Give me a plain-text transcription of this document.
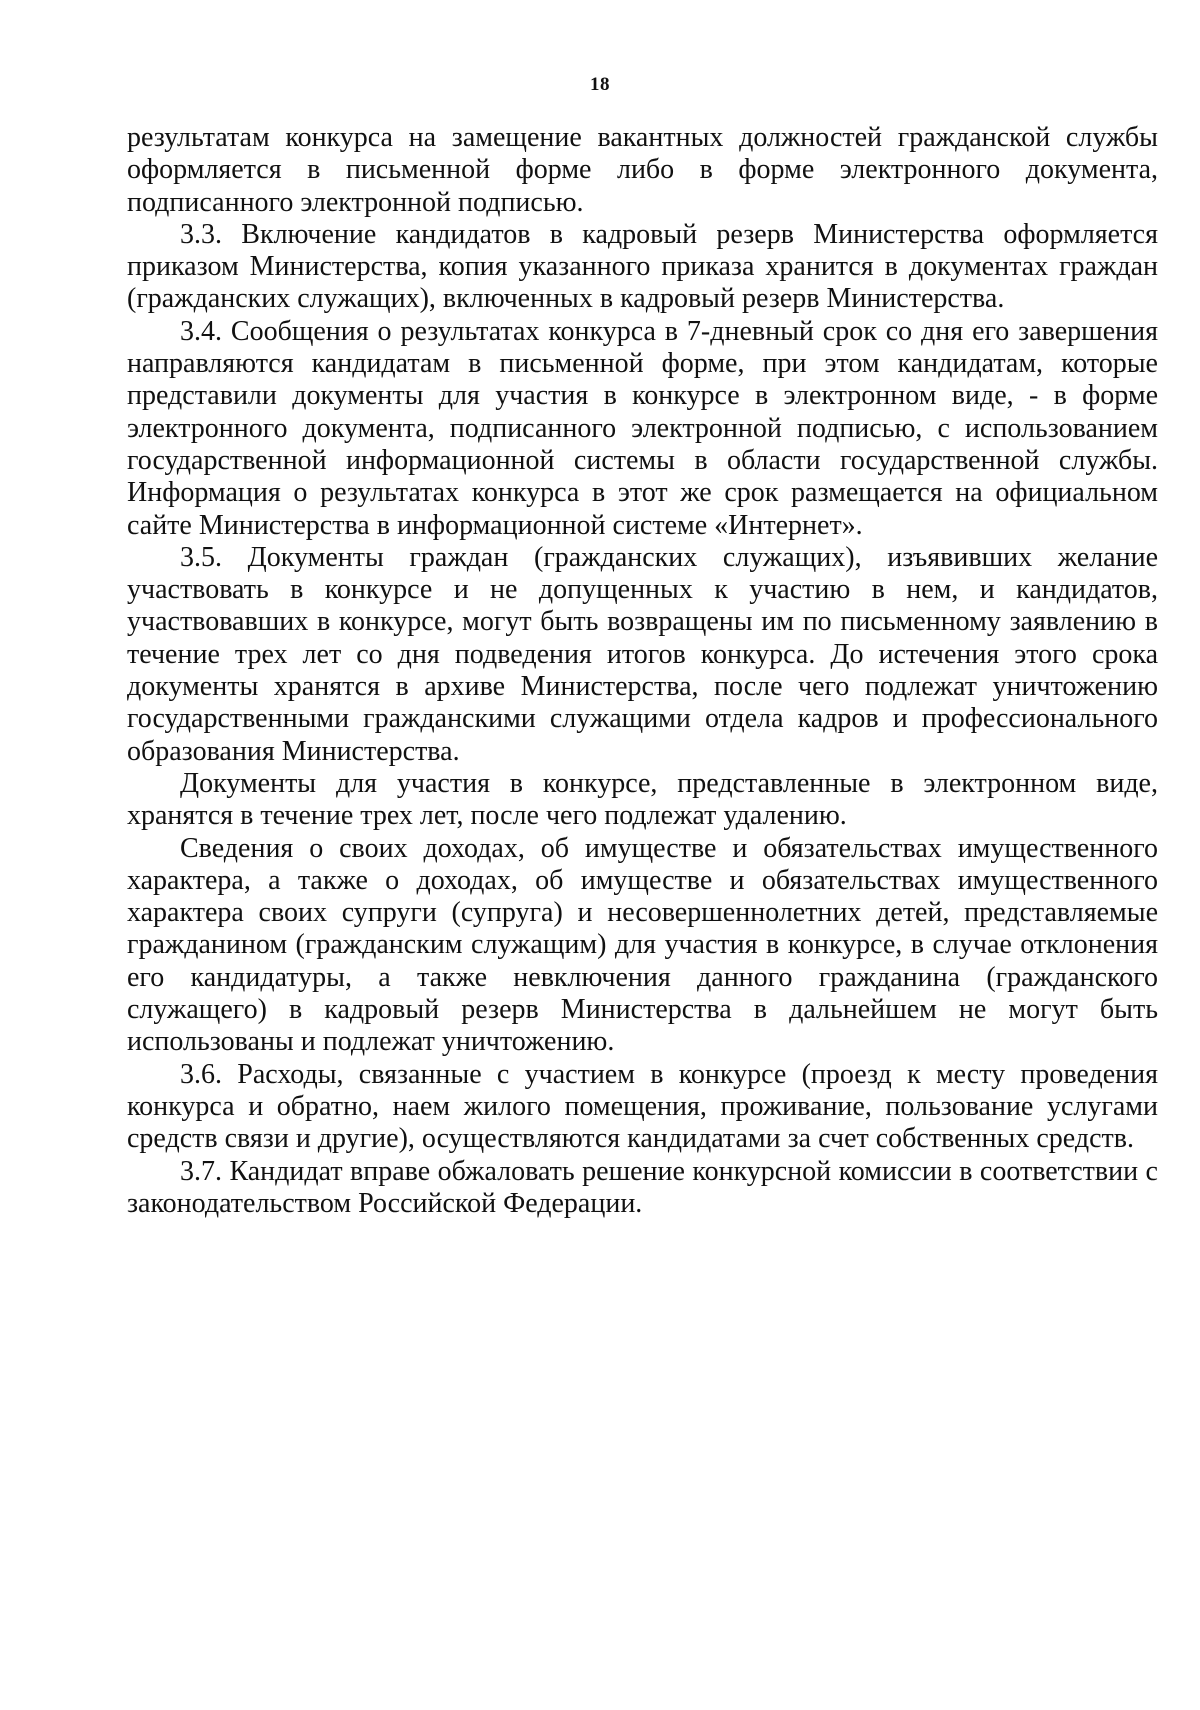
18

результатам конкурса на замещение вакантных должностей гражданской службы оформляется в письменной форме либо в форме электронного документа, подписанного электронной подписью.

3.3. Включение кандидатов в кадровый резерв Министерства оформляется приказом Министерства, копия указанного приказа хранится в документах граждан (гражданских служащих), включенных в кадровый резерв Министерства.

3.4. Сообщения о результатах конкурса в 7-дневный срок со дня его завершения направляются кандидатам в письменной форме, при этом кандидатам, которые представили документы для участия в конкурсе в электронном виде, - в форме электронного документа, подписанного электронной подписью, с использованием государственной информационной системы в области государственной службы. Информация о результатах конкурса в этот же срок размещается на официальном сайте Министерства в информационной системе «Интернет».

3.5. Документы граждан (гражданских служащих), изъявивших желание участвовать в конкурсе и не допущенных к участию в нем, и кандидатов, участвовавших в конкурсе, могут быть возвращены им по письменному заявлению в течение трех лет со дня подведения итогов конкурса. До истечения этого срока документы хранятся в архиве Министерства, после чего подлежат уничтожению государственными гражданскими служащими отдела кадров и профессионального образования Министерства.

Документы для участия в конкурсе, представленные в электронном виде, хранятся в течение трех лет, после чего подлежат удалению.

Сведения о своих доходах, об имуществе и обязательствах имущественного характера, а также о доходах, об имуществе и обязательствах имущественного характера своих супруги (супруга) и несовершеннолетних детей, представляемые гражданином (гражданским служащим) для участия в конкурсе, в случае отклонения его кандидатуры, а также невключения данного гражданина (гражданского служащего) в кадровый резерв Министерства в дальнейшем не могут быть использованы и подлежат уничтожению.

3.6. Расходы, связанные с участием в конкурсе (проезд к месту проведения конкурса и обратно, наем жилого помещения, проживание, пользование услугами средств связи и другие), осуществляются кандидатами за счет собственных средств.

3.7. Кандидат вправе обжаловать решение конкурсной комиссии в соответствии с законодательством Российской Федерации.
